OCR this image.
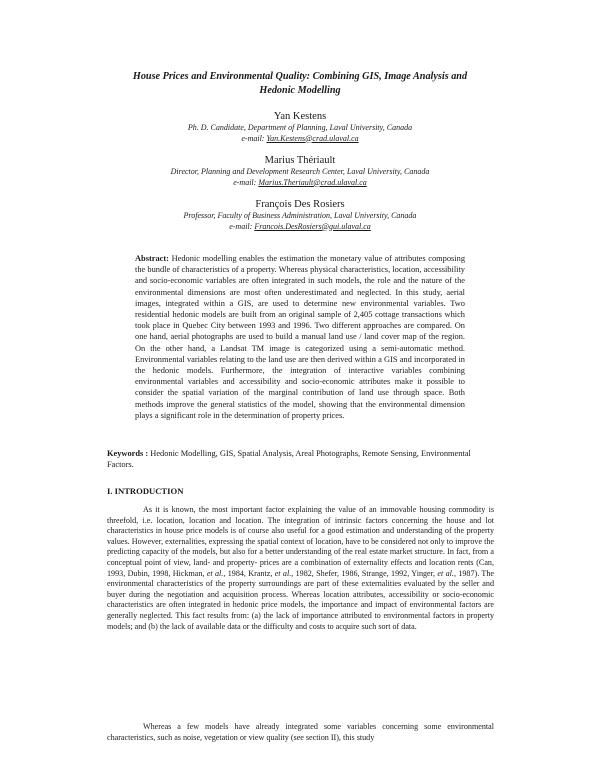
House Prices and Environmental Quality: Combining GIS, Image Analysis and
Hedonic Modelling
Yan Kestens
Ph. D. Candidate, Department of Planning, Laval University, Canada
e-mail: Yan.Kestens@crad.ulaval.ca
Marius Thériault
Director, Planning and Development Research Center, Laval University, Canada
e-mail: Marius.Theriault@crad.ulaval.ca
François Des Rosiers
Professor, Faculty of Business Administration, Laval University, Canada
e-mail: Francois.DesRosiers@gui.ulaval.ca
Abstract: Hedonic modelling enables the estimation the monetary value of attributes composing the bundle of characteristics of a property. Whereas physical characteristics, location, accessibility and socio-economic variables are often integrated in such models, the role and the nature of the environmental dimensions are most often underestimated and neglected. In this study, aerial images, integrated within a GIS, are used to determine new environmental variables. Two residential hedonic models are built from an original sample of 2,405 cottage transactions which took place in Quebec City between 1993 and 1996. Two different approaches are compared. On one hand, aerial photographs are used to build a manual land use / land cover map of the region. On the other hand, a Landsat TM image is categorized using a semi-automatic method. Environmental variables relating to the land use are then derived within a GIS and incorporated in the hedonic models. Furthermore, the integration of interactive variables combining environmental variables and accessibility and socio-economic attributes make it possible to consider the spatial variation of the marginal contribution of land use through space. Both methods improve the general statistics of the model, showing that the environmental dimension plays a significant role in the determination of property prices.
Keywords : Hedonic Modelling, GIS, Spatial Analysis, Areal Photographs, Remote Sensing, Environmental Factors.
I. INTRODUCTION
As it is known, the most important factor explaining the value of an immovable housing commodity is threefold, i.e. location, location and location. The integration of intrinsic factors concerning the house and lot characteristics in house price models is of course also useful for a good estimation and understanding of the property values. However, externalities, expressing the spatial context of location, have to be considered not only to improve the predicting capacity of the models, but also for a better understanding of the real estate market structure. In fact, from a conceptual point of view, land- and property- prices are a combination of externality effects and location rents (Can, 1993, Dubin, 1998, Hickman, et al., 1984, Krantz, et al., 1982, Shefer, 1986, Strange, 1992, Yinger, et al., 1987). The environmental characteristics of the property surroundings are part of these externalities evaluated by the seller and buyer during the negotiation and acquisition process. Whereas location attributes, accessibility or socio-economic characteristics are often integrated in hedonic price models, the importance and impact of environmental factors are generally neglected. This fact results from: (a) the lack of importance attributed to environmental factors in property models; and (b) the lack of available data or the difficulty and costs to acquire such sort of data.
Whereas a few models have already integrated some variables concerning some environmental characteristics, such as noise, vegetation or view quality (see section II), this study
